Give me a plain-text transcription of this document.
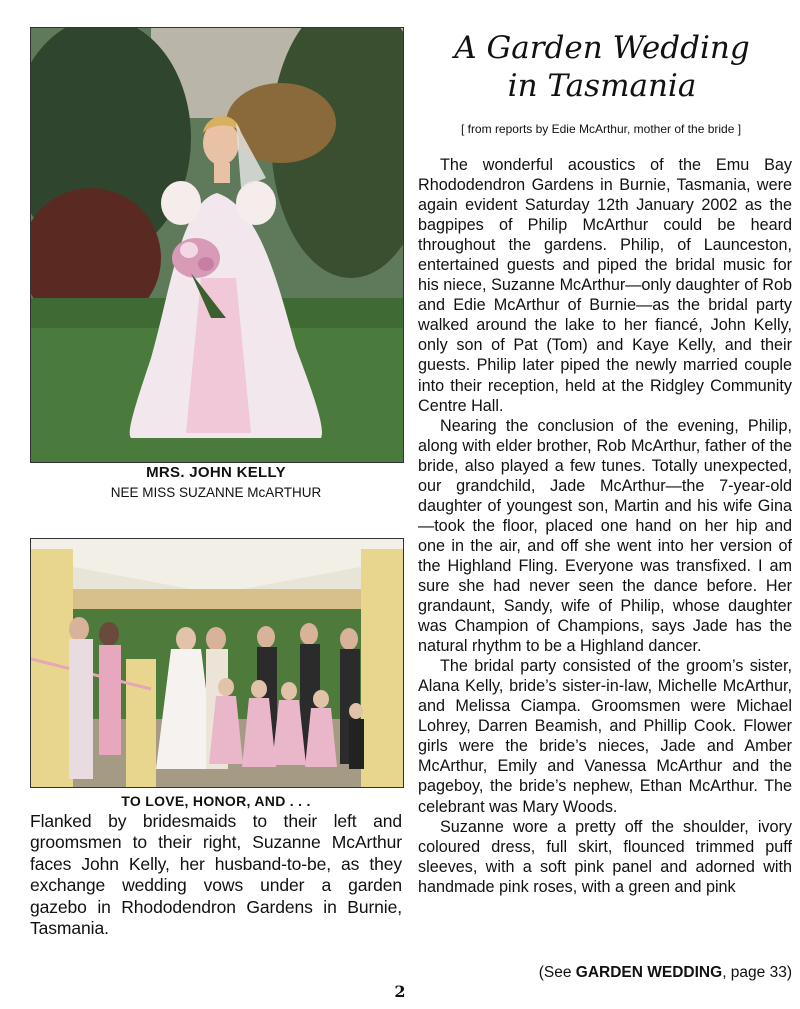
A Garden Wedding
in Tasmania
[ from reports by Edie McArthur, mother of the bride ]
MRS. JOHN KELLY
NEE MISS SUZANNE McARTHUR
TO LOVE, HONOR, AND . . .
Flanked by bridesmaids to their left and groomsmen to their right, Suzanne McArthur faces John Kelly, her husband-to-be, as they exchange wedding vows under a garden gazebo in Rhododendron Gardens in Burnie, Tasmania.

The wonderful acoustics of the Emu Bay Rhododendron Gardens in Burnie, Tasmania, were again evident Saturday 12th January 2002 as the bagpipes of Philip McArthur could be heard throughout the gardens. Philip, of Launceston, entertained guests and piped the bridal music for his niece, Suzanne McArthur—only daughter of Rob and Edie McArthur of Burnie—as the bridal party walked around the lake to her fiancé, John Kelly, only son of Pat (Tom) and Kaye Kelly, and their guests. Philip later piped the newly married couple into their reception, held at the Ridgley Community Centre Hall.

Nearing the conclusion of the evening, Philip, along with elder brother, Rob McArthur, father of the bride, also played a few tunes. Totally unexpected, our grandchild, Jade McArthur—the 7-year-old daughter of youngest son, Martin and his wife Gina—took the floor, placed one hand on her hip and one in the air, and off she went into her version of the Highland Fling. Everyone was transfixed. I am sure she had never seen the dance before. Her grandaunt, Sandy, wife of Philip, whose daughter was Champion of Champions, says Jade has the natural rhythm to be a Highland dancer.

The bridal party consisted of the groom’s sister, Alana Kelly, bride’s sister-in-law, Michelle McArthur, and Melissa Ciampa. Groomsmen were Michael Lohrey, Darren Beamish, and Phillip Cook. Flower girls were the bride’s nieces, Jade and Amber McArthur, Emily and Vanessa McArthur and the pageboy, the bride’s nephew, Ethan McArthur. The celebrant was Mary Woods.

Suzanne wore a pretty off the shoulder, ivory coloured dress, full skirt, flounced trimmed puff sleeves, with a soft pink panel and adorned with handmade pink roses, with a green and pink

(See GARDEN WEDDING, page 33)
2
